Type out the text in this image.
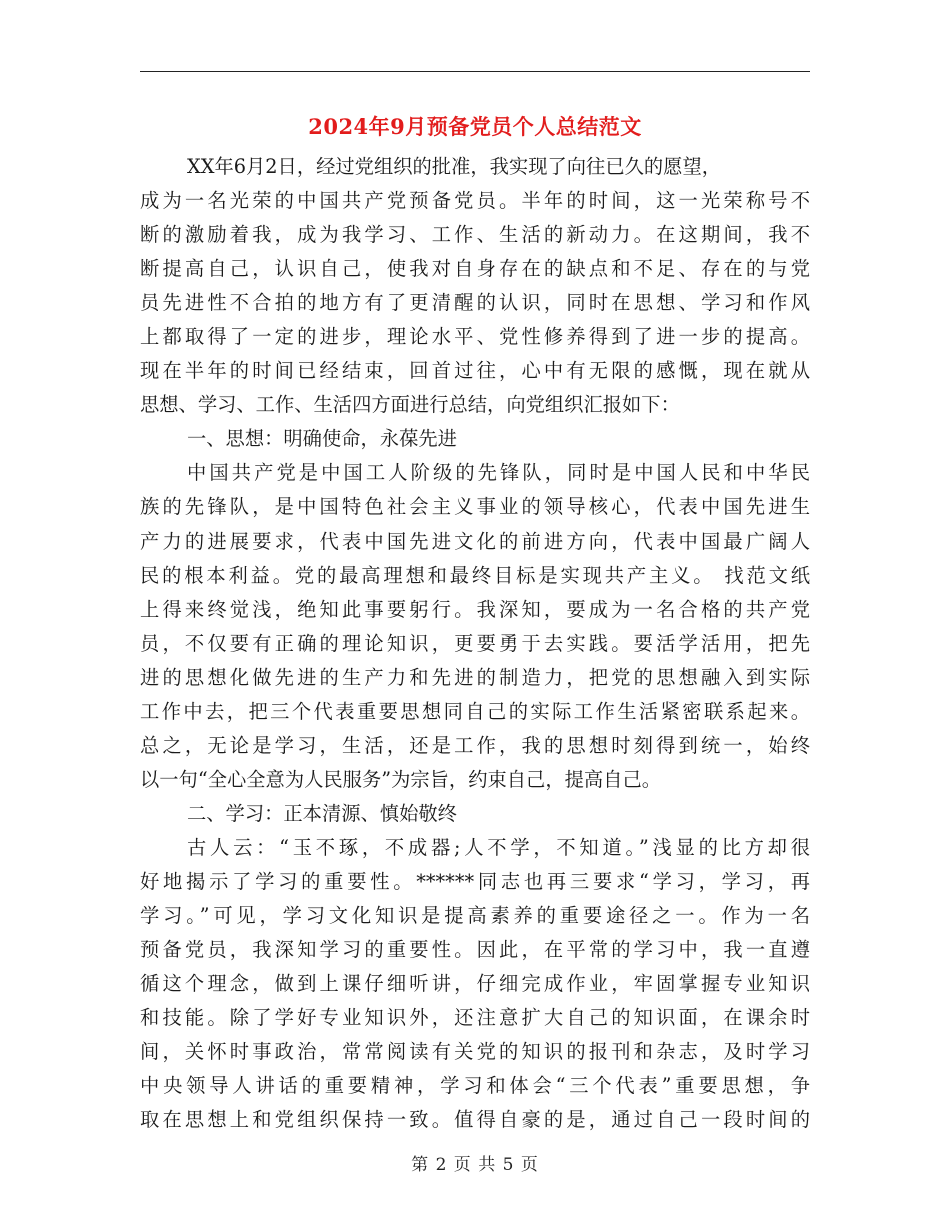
2024年9月预备党员个人总结范文
XX年6月2日，经过党组织的批准，我实现了向往已久的愿望，
成为一名光荣的中国共产党预备党员。半年的时间，这一光荣称号不
断的激励着我，成为我学习、工作、生活的新动力。在这期间，我不
断提高自己，认识自己，使我对自身存在的缺点和不足、存在的与党
员先进性不合拍的地方有了更清醒的认识，同时在思想、学习和作风
上都取得了一定的进步，理论水平、党性修养得到了进一步的提高。
现在半年的时间已经结束，回首过往，心中有无限的感慨，现在就从
思想、学习、工作、生活四方面进行总结，向党组织汇报如下：
一、思想：明确使命，永葆先进
中国共产党是中国工人阶级的先锋队，同时是中国人民和中华民
族的先锋队，是中国特色社会主义事业的领导核心，代表中国先进生
产力的进展要求，代表中国先进文化的前进方向，代表中国最广阔人
民的根本利益。党的最高理想和最终目标是实现共产主义。 找范文纸
上得来终觉浅，绝知此事要躬行。我深知，要成为一名合格的共产党
员，不仅要有正确的理论知识，更要勇于去实践。要活学活用，把先
进的思想化做先进的生产力和先进的制造力，把党的思想融入到实际
工作中去，把三个代表重要思想同自己的实际工作生活紧密联系起来。
总之，无论是学习，生活，还是工作，我的思想时刻得到统一，始终
以一句“全心全意为人民服务”为宗旨，约束自己，提高自己。
二、学习：正本清源、慎始敬终
古人云：“玉不琢，不成器;人不学，不知道。”浅显的比方却很
好地揭示了学习的重要性。******同志也再三要求“学习，学习，再
学习。”可见，学习文化知识是提高素养的重要途径之一。作为一名
预备党员，我深知学习的重要性。因此，在平常的学习中，我一直遵
循这个理念，做到上课仔细听讲，仔细完成作业，牢固掌握专业知识
和技能。除了学好专业知识外，还注意扩大自己的知识面，在课余时
间，关怀时事政治，常常阅读有关党的知识的报刊和杂志，及时学习
中央领导人讲话的重要精神，学习和体会“三个代表”重要思想，争
取在思想上和党组织保持一致。值得自豪的是，通过自己一段时间的
第 2 页 共 5 页
